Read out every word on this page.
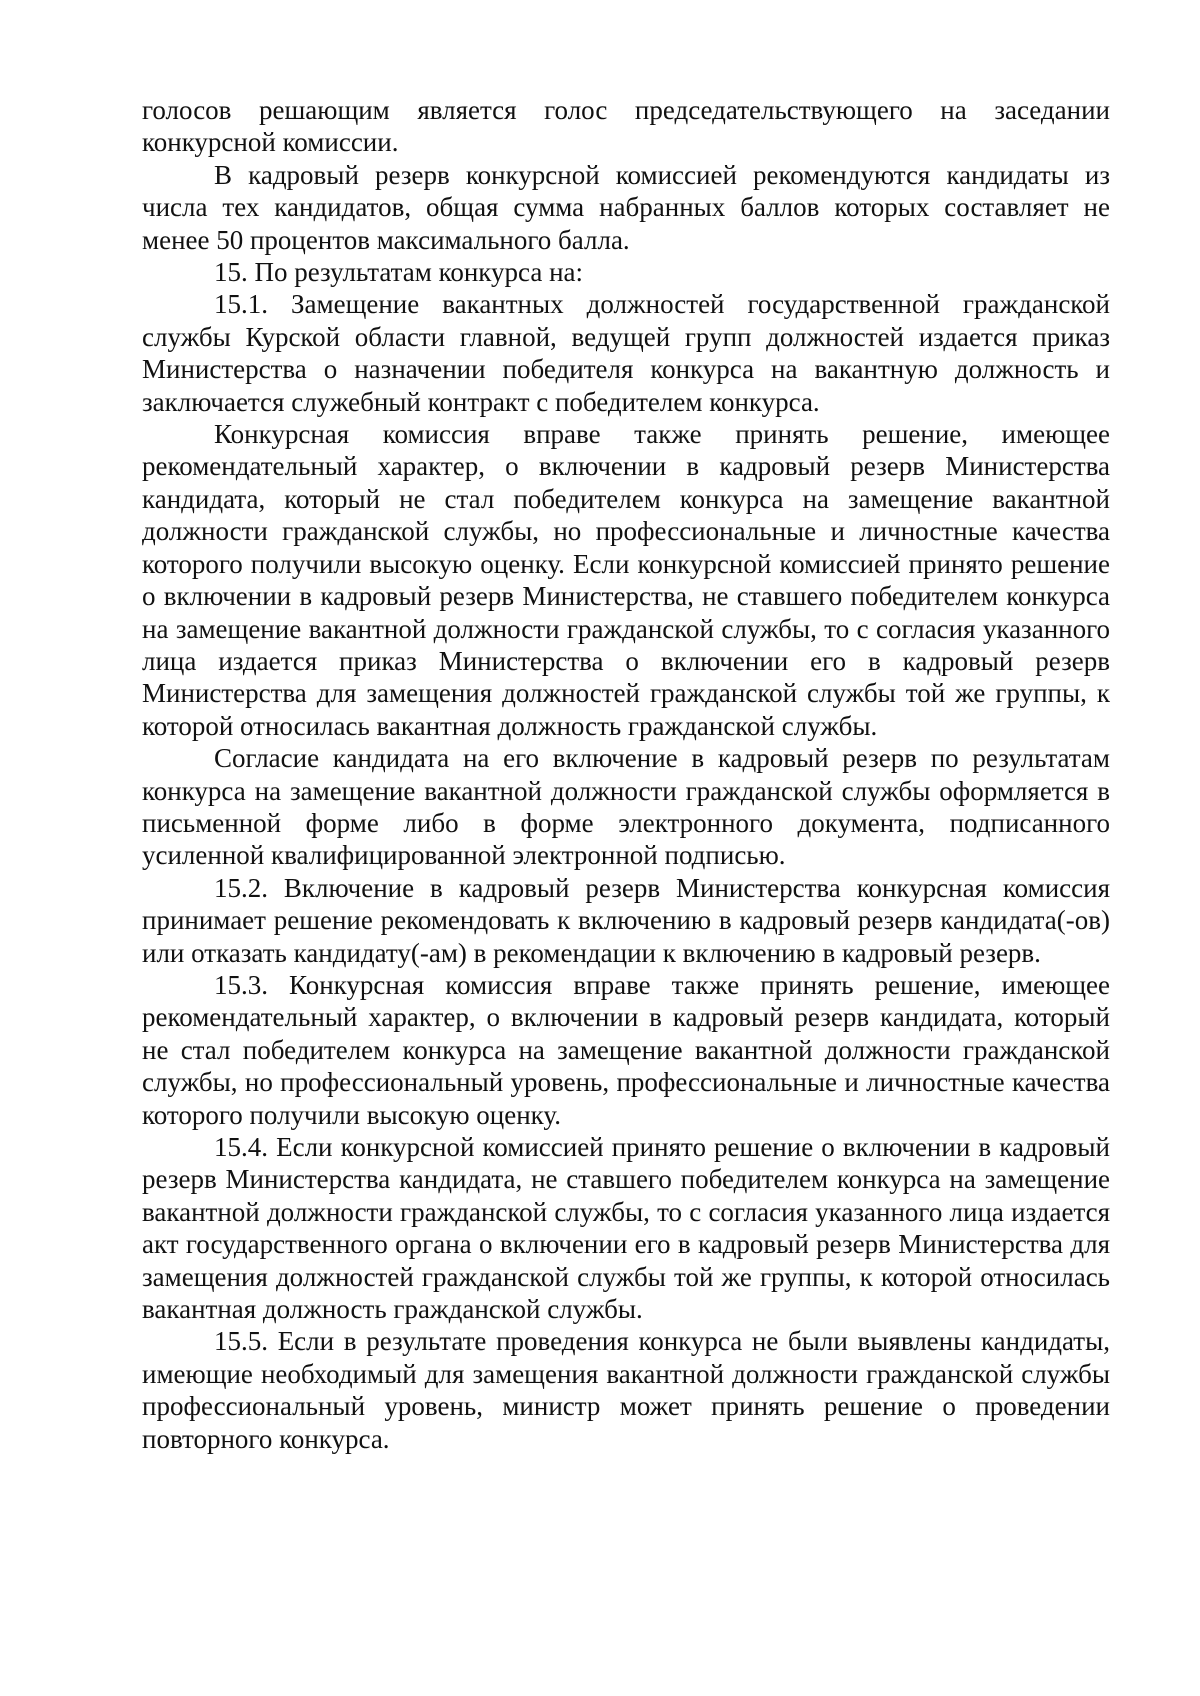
голосов решающим является голос председательствующего на заседании конкурсной комиссии.

В кадровый резерв конкурсной комиссией рекомендуются кандидаты из числа тех кандидатов, общая сумма набранных баллов которых составляет не менее 50 процентов максимального балла.

15. По результатам конкурса на:

15.1. Замещение вакантных должностей государственной гражданской службы Курской области главной, ведущей групп должностей издается приказ Министерства о назначении победителя конкурса на вакантную должность и заключается служебный контракт с победителем конкурса.

Конкурсная комиссия вправе также принять решение, имеющее рекомендательный характер, о включении в кадровый резерв Министерства кандидата, который не стал победителем конкурса на замещение вакантной должности гражданской службы, но профессиональные и личностные качества которого получили высокую оценку. Если конкурсной комиссией принято решение о включении в кадровый резерв Министерства, не ставшего победителем конкурса на замещение вакантной должности гражданской службы, то с согласия указанного лица издается приказ Министерства о включении его в кадровый резерв Министерства для замещения должностей гражданской службы той же группы, к которой относилась вакантная должность гражданской службы.

Согласие кандидата на его включение в кадровый резерв по результатам конкурса на замещение вакантной должности гражданской службы оформляется в письменной форме либо в форме электронного документа, подписанного усиленной квалифицированной электронной подписью.

15.2. Включение в кадровый резерв Министерства конкурсная комиссия принимает решение рекомендовать к включению в кадровый резерв кандидата(-ов) или отказать кандидату(-ам) в рекомендации к включению в кадровый резерв.

15.3. Конкурсная комиссия вправе также принять решение, имеющее рекомендательный характер, о включении в кадровый резерв кандидата, который не стал победителем конкурса на замещение вакантной должности гражданской службы, но профессиональный уровень, профессиональные и личностные качества которого получили высокую оценку.

15.4. Если конкурсной комиссией принято решение о включении в кадровый резерв Министерства кандидата, не ставшего победителем конкурса на замещение вакантной должности гражданской службы, то с согласия указанного лица издается акт государственного органа о включении его в кадровый резерв Министерства для замещения должностей гражданской службы той же группы, к которой относилась вакантная должность гражданской службы.

15.5. Если в результате проведения конкурса не были выявлены кандидаты, имеющие необходимый для замещения вакантной должности гражданской службы профессиональный уровень, министр может принять решение о проведении повторного конкурса.
